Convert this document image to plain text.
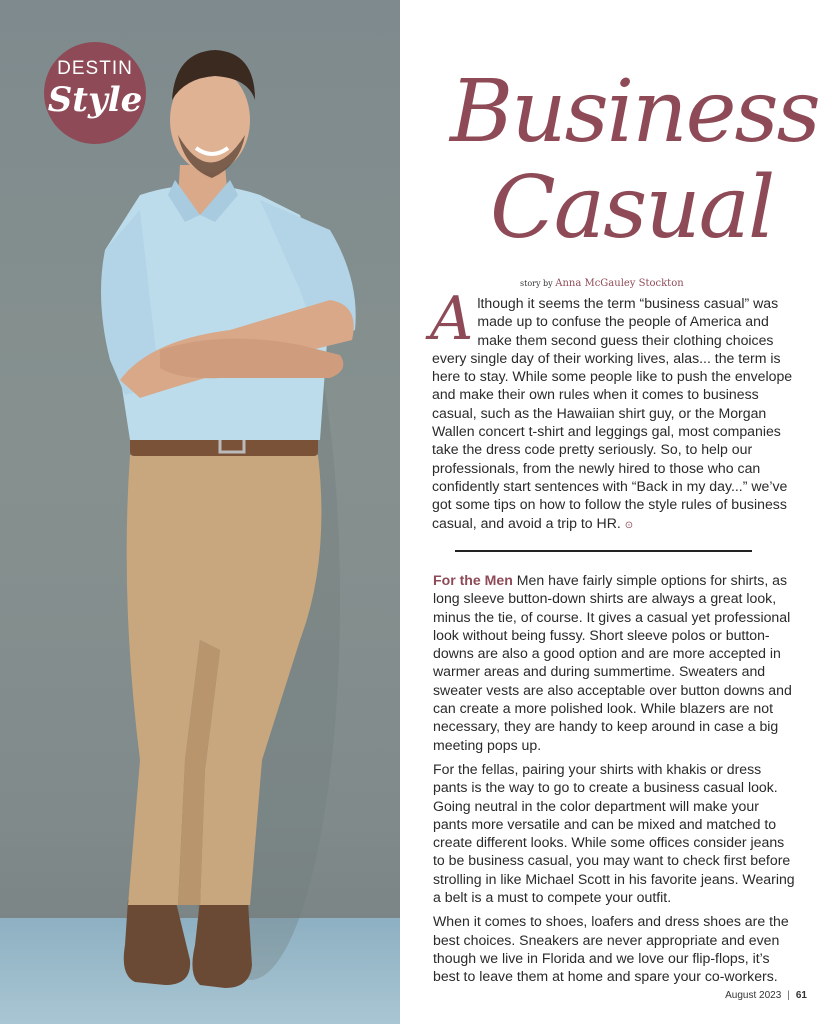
DESTIN
Style	Business
Casual
story by Anna McGauley Stockton
Although it seems the term “business casual” was made up to confuse the people of America and make them second guess their clothing choices every single day of their working lives, alas... the term is here to stay. While some people like to push the envelope and make their own rules when it comes to business casual, such as the Hawaiian shirt guy, or the Morgan Wallen concert t-shirt and leggings gal, most companies take the dress code pretty seriously. So, to help our professionals, from the newly hired to those who can confidently start sentences with “Back in my day...” we’ve got some tips on how to follow the style rules of business casual, and avoid a trip to HR. ⊙

For the Men Men have fairly simple options for shirts, as long sleeve button-down shirts are always a great look, minus the tie, of course. It gives a casual yet professional look without being fussy. Short sleeve polos or button-downs are also a good option and are more accepted in warmer areas and during summertime. Sweaters and sweater vests are also acceptable over button downs and can create a more polished look. While blazers are not necessary, they are handy to keep around in case a big meeting pops up.

For the fellas, pairing your shirts with khakis or dress pants is the way to go to create a business casual look. Going neutral in the color department will make your pants more versatile and can be mixed and matched to create different looks. While some offices consider jeans to be business casual, you may want to check first before strolling in like Michael Scott in his favorite jeans. Wearing a belt is a must to compete your outfit.

When it comes to shoes, loafers and dress shoes are the best choices. Sneakers are never appropriate and even though we live in Florida and we love our flip-flops, it’s best to leave them at home and spare your co-workers.

August 2023 | 61
